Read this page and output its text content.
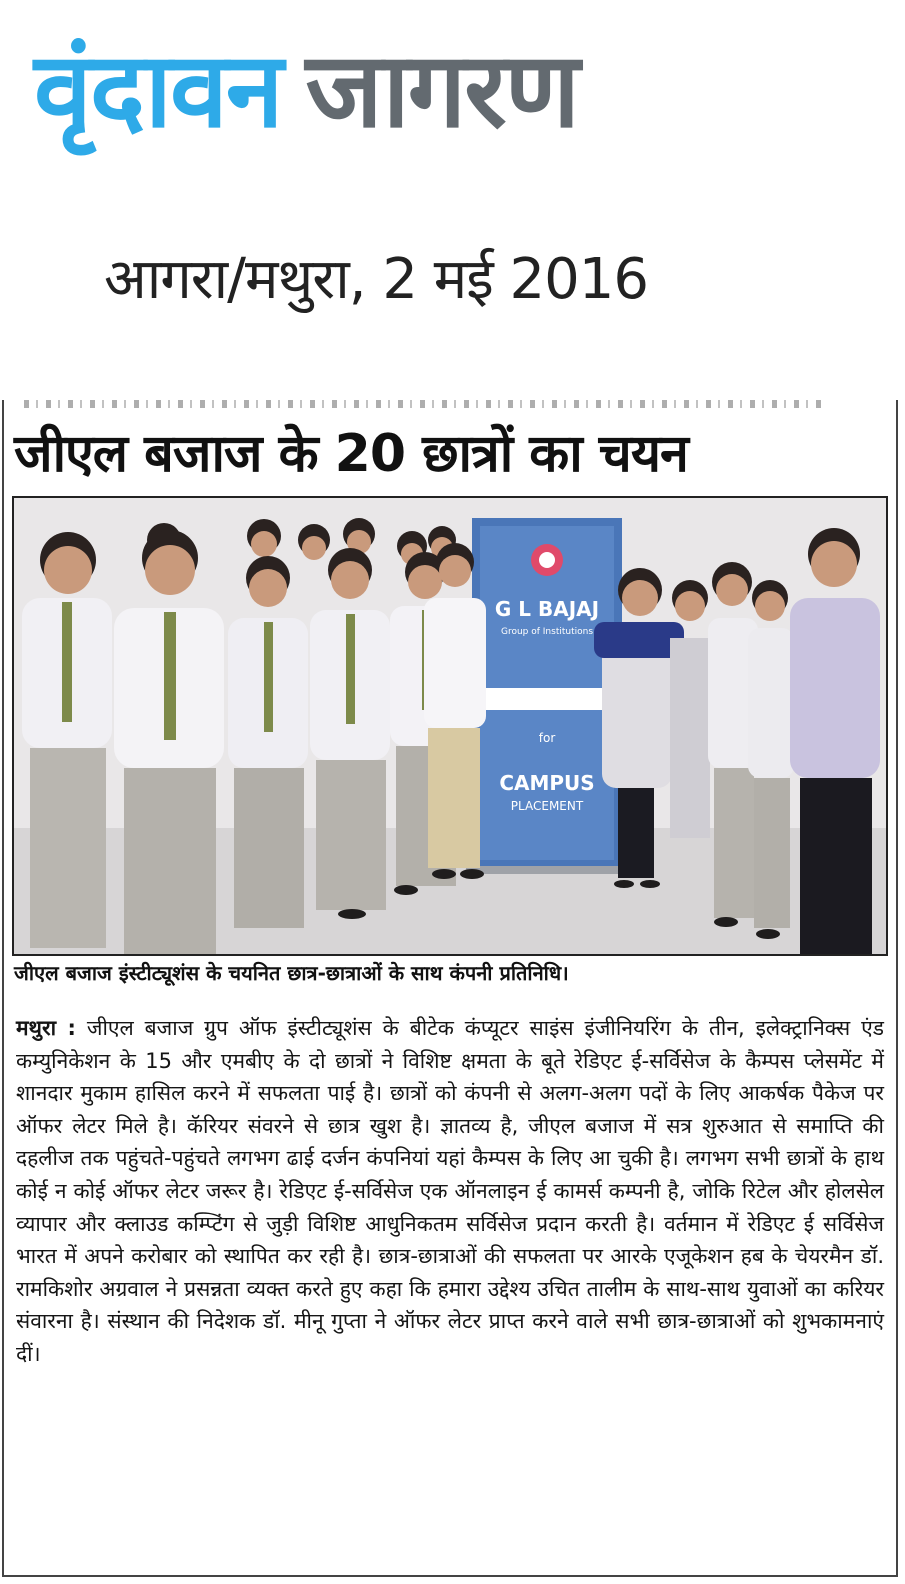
वृंदावन जागरण
आगरा/मथुरा, 2 मई 2016
जीएल बजाज के 20 छात्रों का चयन
G L BAJAJ
Group of Institutions
for
CAMPUS
PLACEMENT
जीएल बजाज इंस्टीट्यूशंस के चयनित छात्र-छात्राओं के साथ कंपनी प्रतिनिधि।
मथुरा : जीएल बजाज ग्रुप ऑफ इंस्टीट्यूशंस के बीटेक कंप्यूटर साइंस इंजीनियरिंग के तीन, इलेक्ट्रानिक्स एंड कम्युनिकेशन के 15 और एमबीए के दो छात्रों ने विशिष्ट क्षमता के बूते रेडिएट ई-सर्विसेज के कैम्पस प्लेसमेंट में शानदार मुकाम हासिल करने में सफलता पाई है। छात्रों को कंपनी से अलग-अलग पदों के लिए आकर्षक पैकेज पर ऑफर लेटर मिले है। कॅरियर संवरने से छात्र खुश है। ज्ञातव्य है, जीएल बजाज में सत्र शुरुआत से समाप्ति की दहलीज तक पहुंचते-पहुंचते लगभग ढाई दर्जन कंपनियां यहां कैम्पस के लिए आ चुकी है। लगभग सभी छात्रों के हाथ कोई न कोई ऑफर लेटर जरूर है। रेडिएट ई-सर्विसेज एक ऑनलाइन ई कामर्स कम्पनी है, जोकि रिटेल और होलसेल व्यापार और क्लाउड कम्प्टिंग से जुड़ी विशिष्ट आधुनिकतम सर्विसेज प्रदान करती है। वर्तमान में रेडिएट ई सर्विसेज भारत में अपने करोबार को स्थापित कर रही है। छात्र-छात्राओं की सफलता पर आरके एजूकेशन हब के चेयरमैन डॉ. रामकिशोर अग्रवाल ने प्रसन्नता व्यक्त करते हुए कहा कि हमारा उद्देश्य उचित तालीम के साथ-साथ युवाओं का करियर संवारना है। संस्थान की निदेशक डॉ. मीनू गुप्ता ने ऑफर लेटर प्राप्त करने वाले सभी छात्र-छात्राओं को शुभकामनाएं दीं।
